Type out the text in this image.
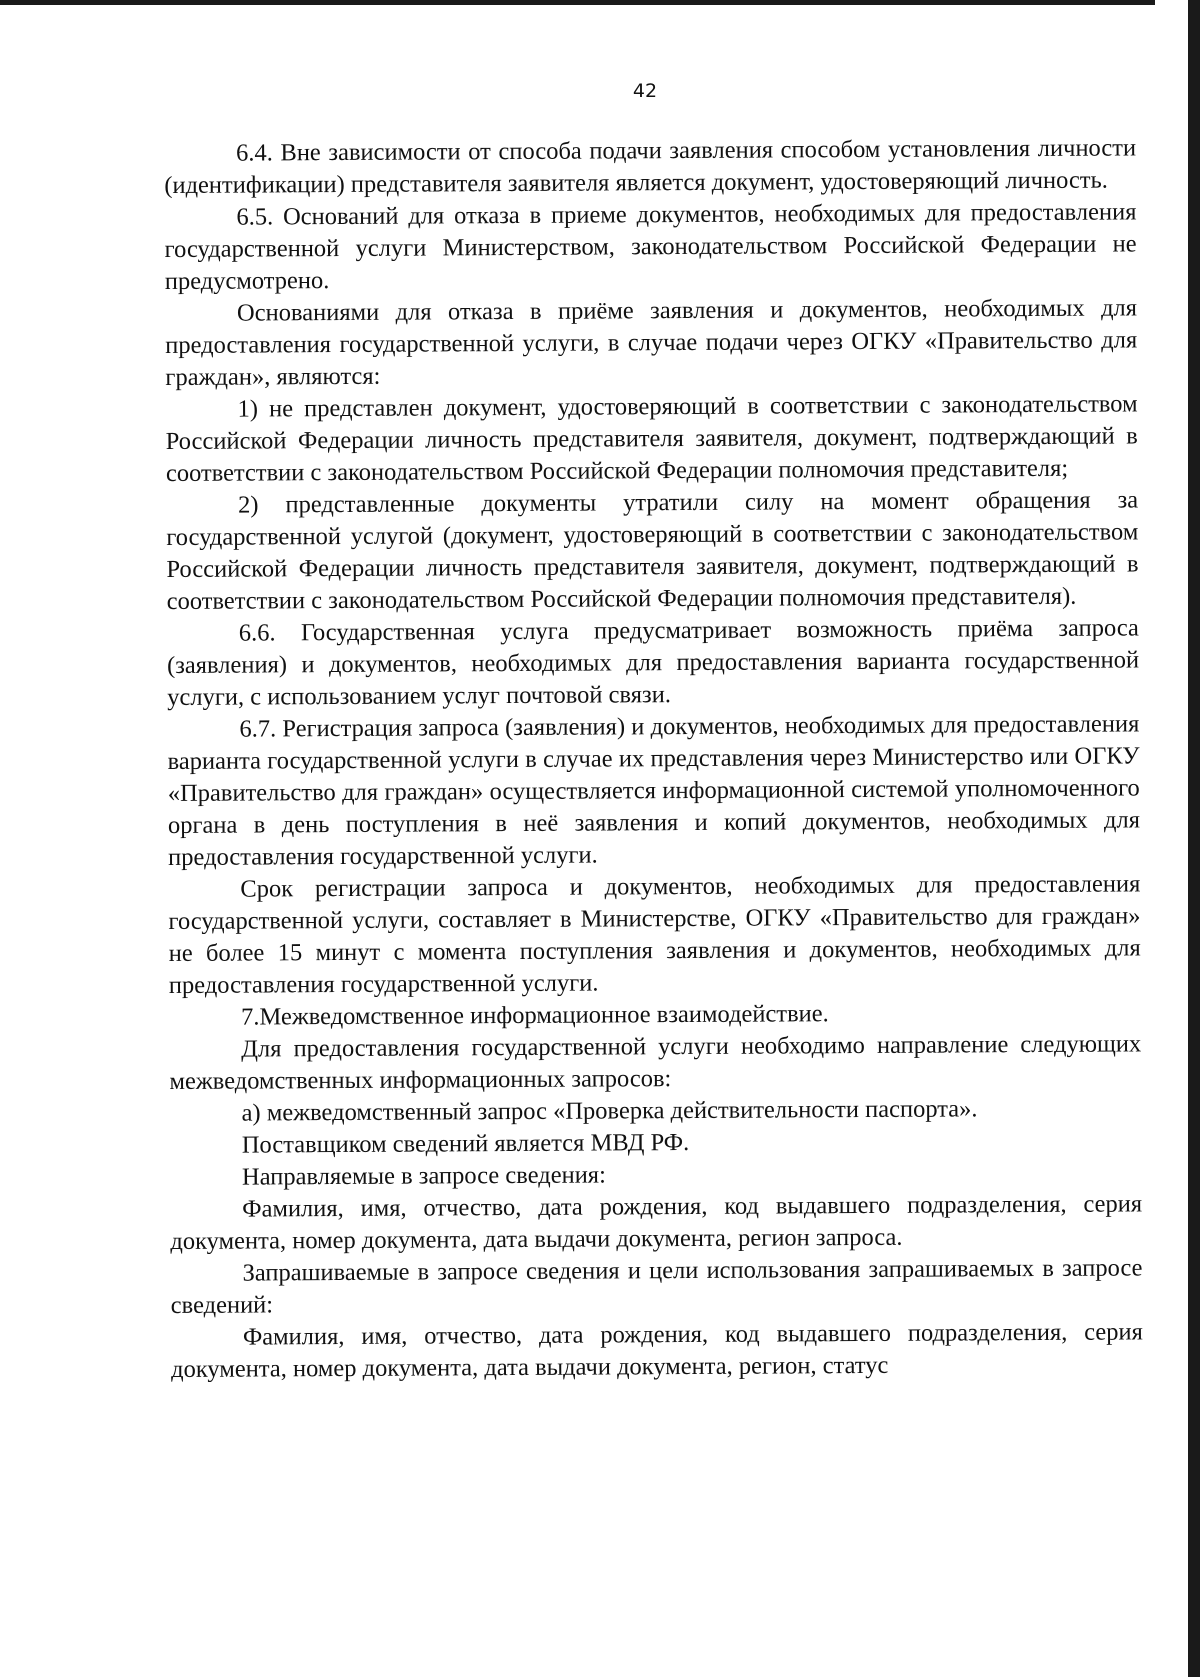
42

6.4. Вне зависимости от способа подачи заявления способом установления личности (идентификации) представителя заявителя является документ, удостоверяющий личность.

6.5. Оснований для отказа в приеме документов, необходимых для предоставления государственной услуги Министерством, законодательством Российской Федерации не предусмотрено.

Основаниями для отказа в приёме заявления и документов, необходимых для предоставления государственной услуги, в случае подачи через ОГКУ «Правительство для граждан», являются:

1) не представлен документ, удостоверяющий в соответствии с законодательством Российской Федерации личность представителя заявителя, документ, подтверждающий в соответствии с законодательством Российской Федерации полномочия представителя;

2) представленные документы утратили силу на момент обращения за государственной услугой (документ, удостоверяющий в соответствии с законодательством Российской Федерации личность представителя заявителя, документ, подтверждающий в соответствии с законодательством Российской Федерации полномочия представителя).

6.6. Государственная услуга предусматривает возможность приёма запроса (заявления) и документов, необходимых для предоставления варианта государственной услуги, с использованием услуг почтовой связи.

6.7. Регистрация запроса (заявления) и документов, необходимых для предоставления варианта государственной услуги в случае их представления через Министерство или ОГКУ «Правительство для граждан» осуществляется информационной системой уполномоченного органа в день поступления в неё заявления и копий документов, необходимых для предоставления государственной услуги.

Срок регистрации запроса и документов, необходимых для предоставления государственной услуги, составляет в Министерстве, ОГКУ «Правительство для граждан» не более 15 минут с момента поступления заявления и документов, необходимых для предоставления государственной услуги.

7.Межведомственное информационное взаимодействие.

Для предоставления государственной услуги необходимо направление следующих межведомственных информационных запросов:

а) межведомственный запрос «Проверка действительности паспорта».

Поставщиком сведений является МВД РФ.

Направляемые в запросе сведения:

Фамилия, имя, отчество, дата рождения, код выдавшего подразделения, серия документа, номер документа, дата выдачи документа, регион запроса.

Запрашиваемые в запросе сведения и цели использования запрашиваемых в запросе сведений:

Фамилия, имя, отчество, дата рождения, код выдавшего подразделения, серия документа, номер документа, дата выдачи документа, регион, статус
